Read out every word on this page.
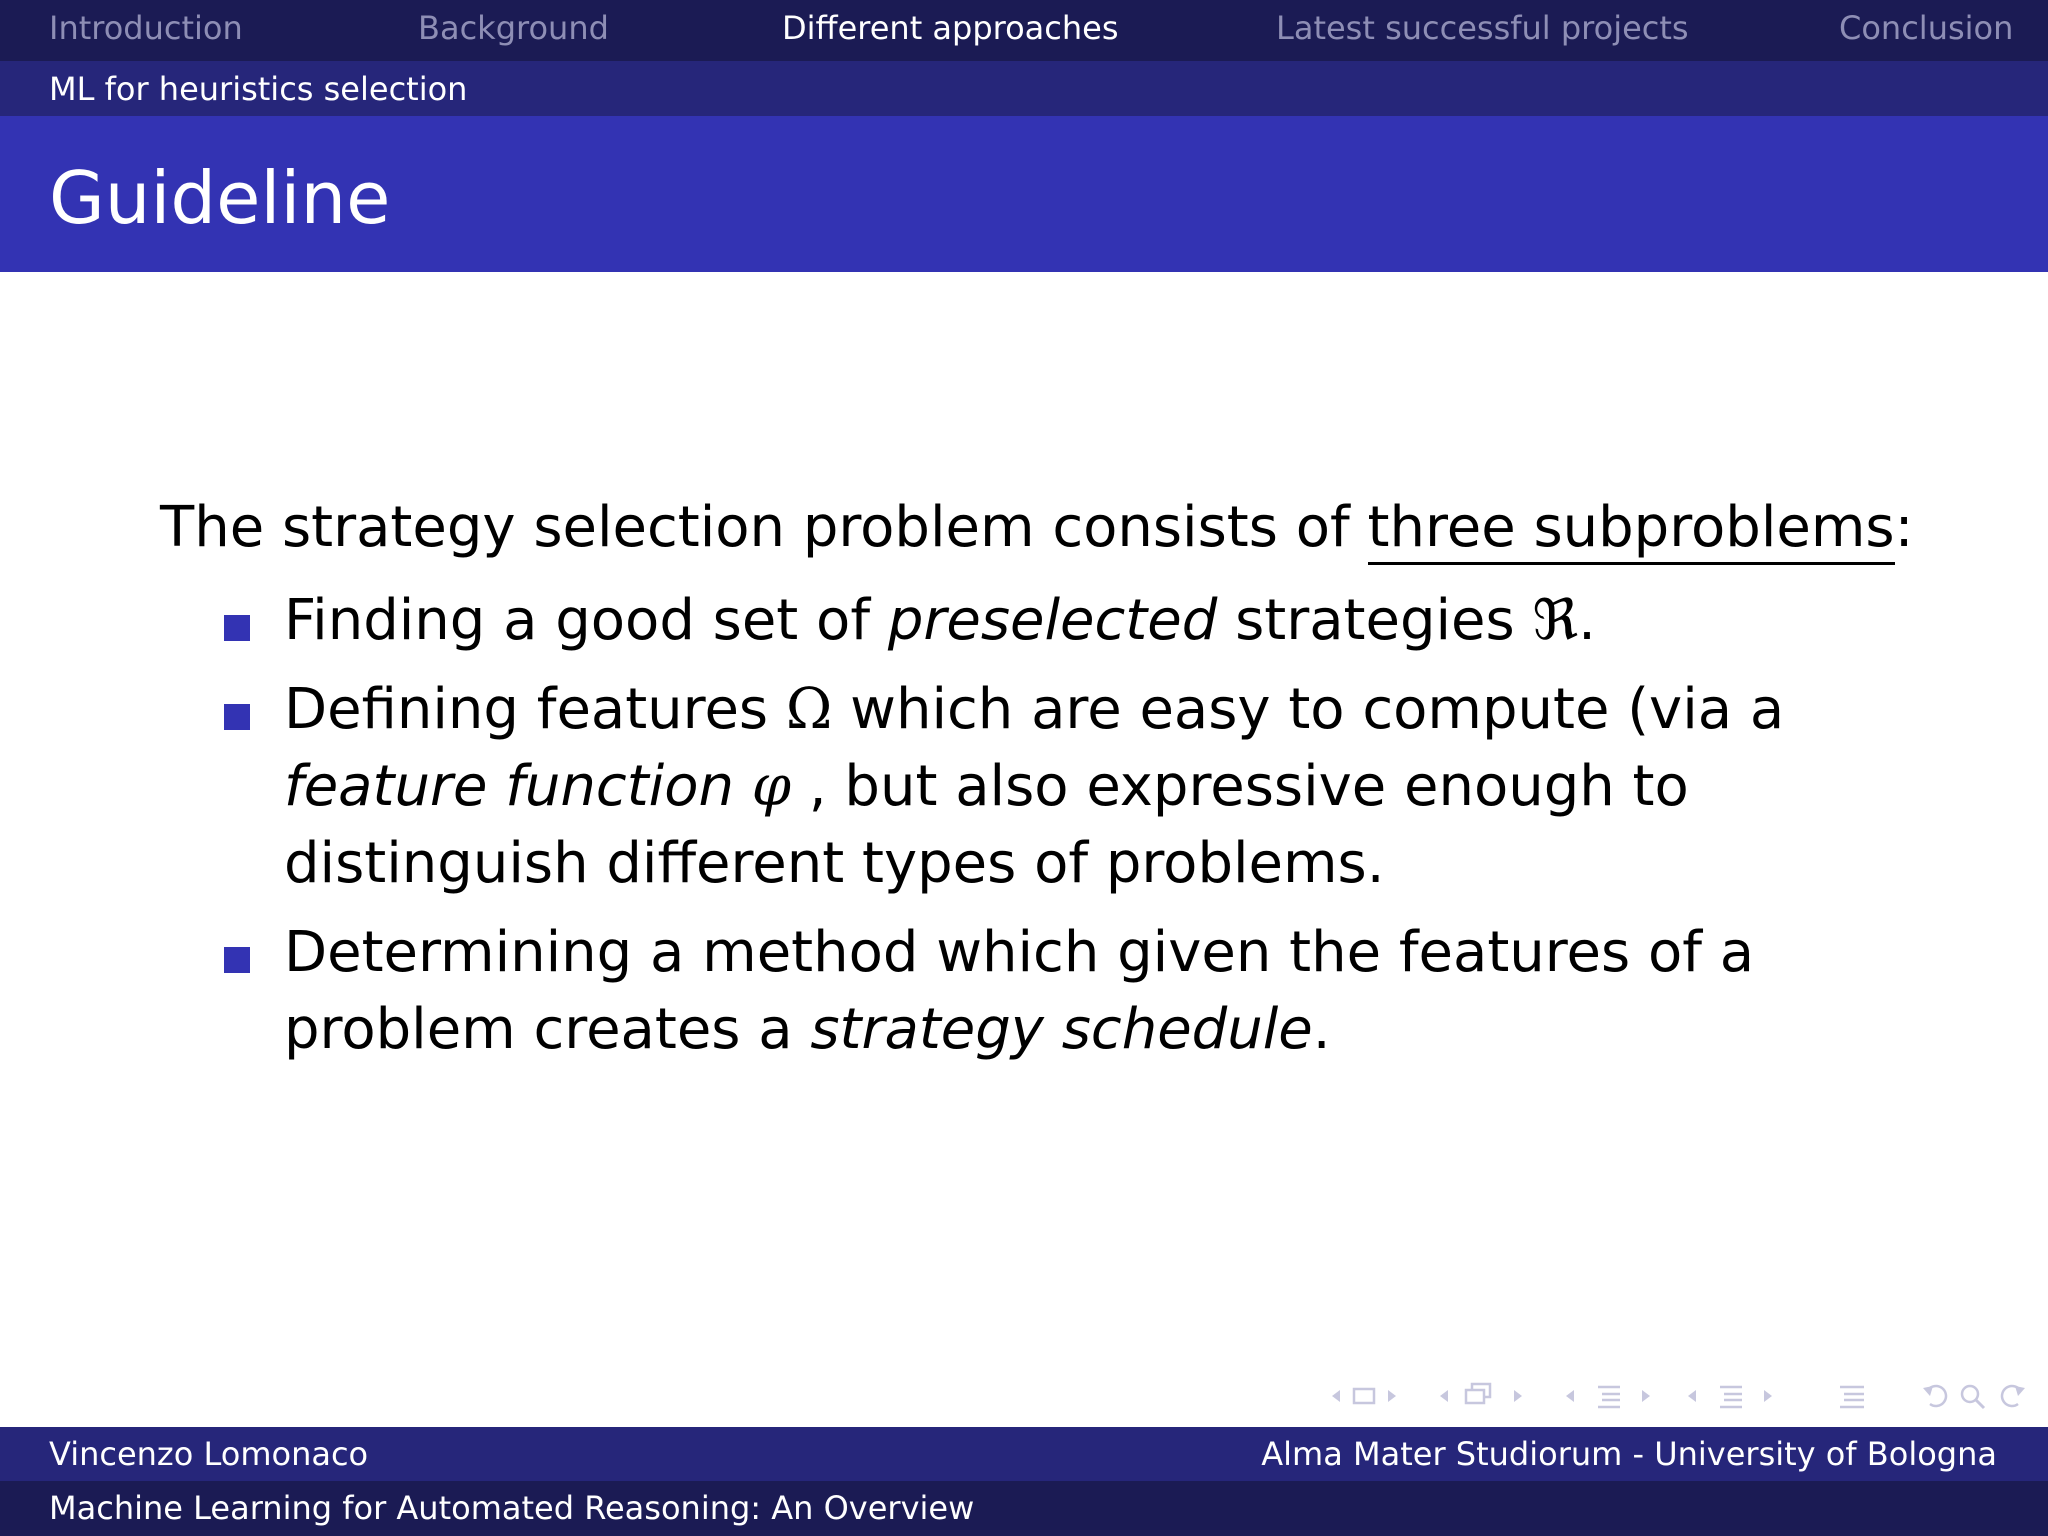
Introduction	Background	Different approaches	Latest successful projects	Conclusion
ML for heuristics selection
Guideline

The strategy selection problem consists of three subproblems:

Finding a good set of preselected strategies ℜ.
Defining features Ω which are easy to compute (via a feature function φ , but also expressive enough to distinguish different types of problems.
Determining a method which given the features of a problem creates a strategy schedule.
Vincenzo Lomonaco	Alma Mater Studiorum - University of Bologna
Machine Learning for Automated Reasoning: An Overview
